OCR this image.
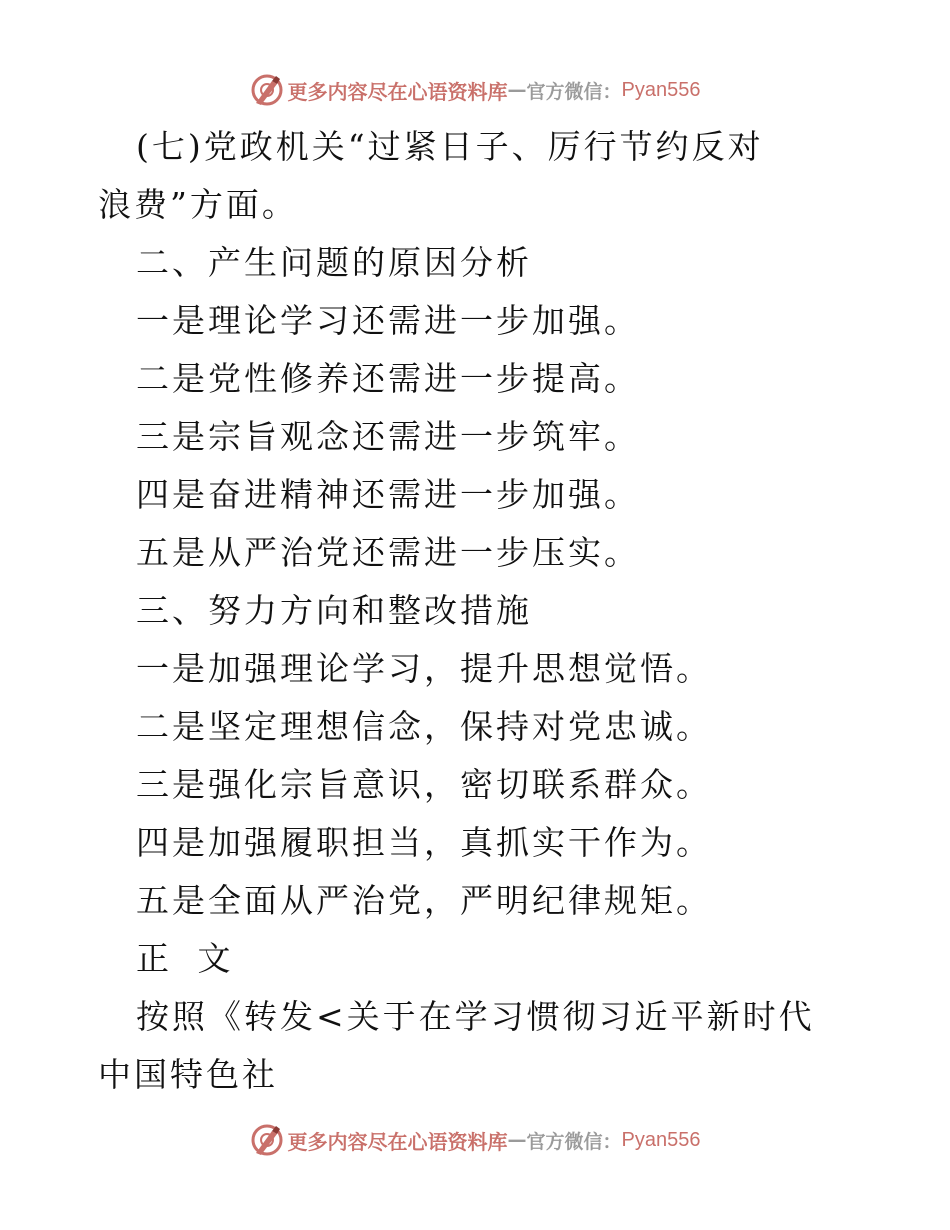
更多内容尽在心语资料库 — 官方微信： Pyan556

(七)党政机关“过紧日子、厉行节约反对浪费”方面。

二、产生问题的原因分析

一是理论学习还需进一步加强。

二是党性修养还需进一步提高。

三是宗旨观念还需进一步筑牢。

四是奋进精神还需进一步加强。

五是从严治党还需进一步压实。

三、努力方向和整改措施

一是加强理论学习，提升思想觉悟。

二是坚定理想信念，保持对党忠诚。

三是强化宗旨意识，密切联系群众。

四是加强履职担当，真抓实干作为。

五是全面从严治党，严明纪律规矩。

正 文

按照《转发<关于在学习惯彻习近平新时代中国特色社

更多内容尽在心语资料库 — 官方微信： Pyan556
